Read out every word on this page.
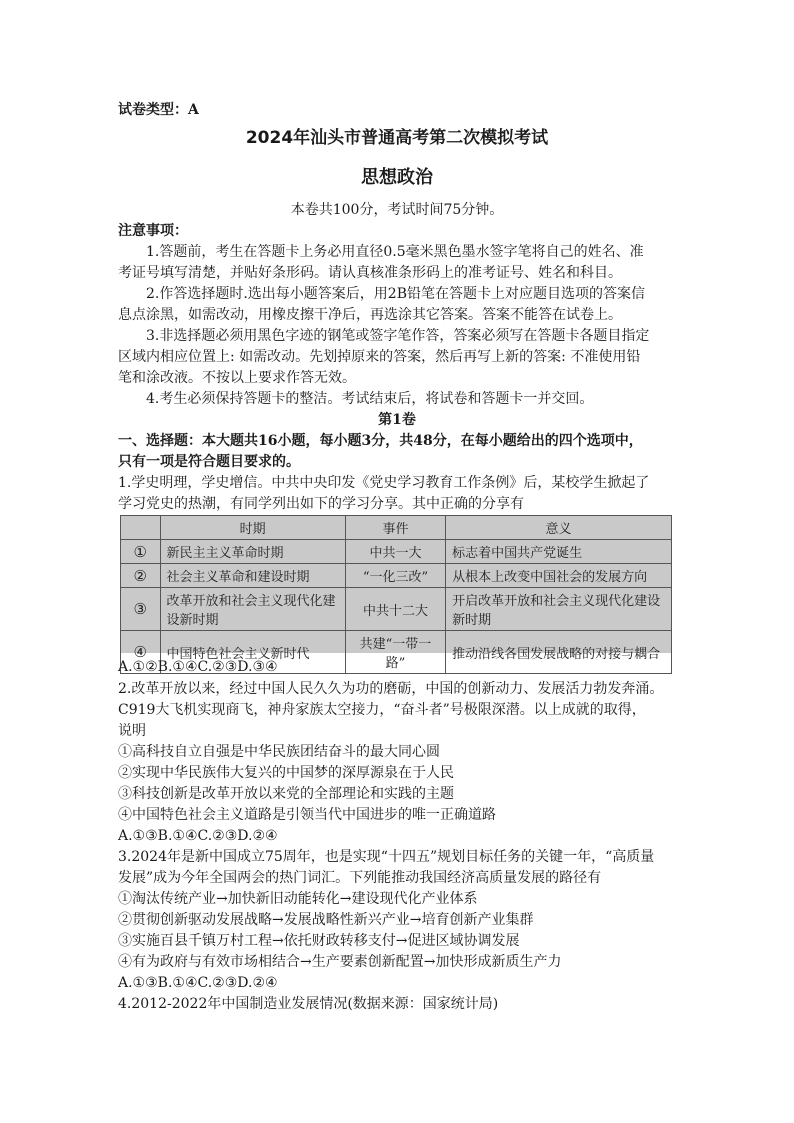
试卷类型：A
2024年汕头市普通高考第二次模拟考试
思想政治
本卷共100分，考试时间75分钟。
注意事项：
1.答题前，考生在答题卡上务必用直径0.5毫米黑色墨水签字笔将自己的姓名、准
考证号填写清楚，并贴好条形码。请认真核准条形码上的准考证号、姓名和科目。
2.作答选择题时.选出每小题答案后，用2B铅笔在答题卡上对应题目选项的答案信
息点涂黑，如需改动，用橡皮擦干净后，再选涂其它答案。答案不能答在试卷上。
3.非选择题必须用黑色字迹的钢笔或签字笔作答，答案必须写在答题卡各题目指定
区域内相应位置上: 如需改动。先划掉原来的答案，然后再写上新的答案: 不准使用铅
笔和涂改液。不按以上要求作答无效。
4.考生必须保持答题卡的整洁。考试结束后，将试卷和答题卡一并交回。
第1卷
一、选择题：本大题共16小题，每小题3分，共48分，在每小题给出的四个选项中，
只有一项是符合题目要求的。
1.学史明理，学史增信。中共中央印发《党史学习教育工作条例》后，某校学生掀起了
学习党史的热潮，有同学列出如下的学习分享。其中正确的分享有
	时期	事件	意义
①	新民主主义革命时期	中共一大	标志着中国共产党诞生
②	社会主义革命和建设时期	“一化三改”	从根本上改变中国社会的发展方向
③	改革开放和社会主义现代化建设新时期	中共十二大	开启改革开放和社会主义现代化建设新时期
④	中国特色社会主义新时代	共建“一带一路”	推动沿线各国发展战略的对接与耦合
A.①②B.①④C.②③D.③④
2.改革开放以来，经过中国人民久久为功的磨砺，中国的创新动力、发展活力勃发奔涌。
C919大飞机实现商飞，神舟家族太空接力，“奋斗者”号极限深潜。以上成就的取得，
说明
①高科技自立自强是中华民族团结奋斗的最大同心圆
②实现中华民族伟大复兴的中国梦的深厚源泉在于人民
③科技创新是改革开放以来党的全部理论和实践的主题
④中国特色社会主义道路是引领当代中国进步的唯一正确道路
A.①③B.①④C.②③D.②④
3.2024年是新中国成立75周年，也是实现“十四五”规划目标任务的关键一年，“高质量
发展”成为今年全国两会的热门词汇。下列能推动我国经济高质量发展的路径有
①淘汰传统产业→加快新旧动能转化→建设现代化产业体系
②贯彻创新驱动发展战略→发展战略性新兴产业→培育创新产业集群
③实施百县千镇万村工程→依托财政转移支付→促进区域协调发展
④有为政府与有效市场相结合→生产要素创新配置→加快形成新质生产力
A.①③B.①④C.②③D.②④
4.2012-2022年中国制造业发展情况(数据来源：国家统计局)
